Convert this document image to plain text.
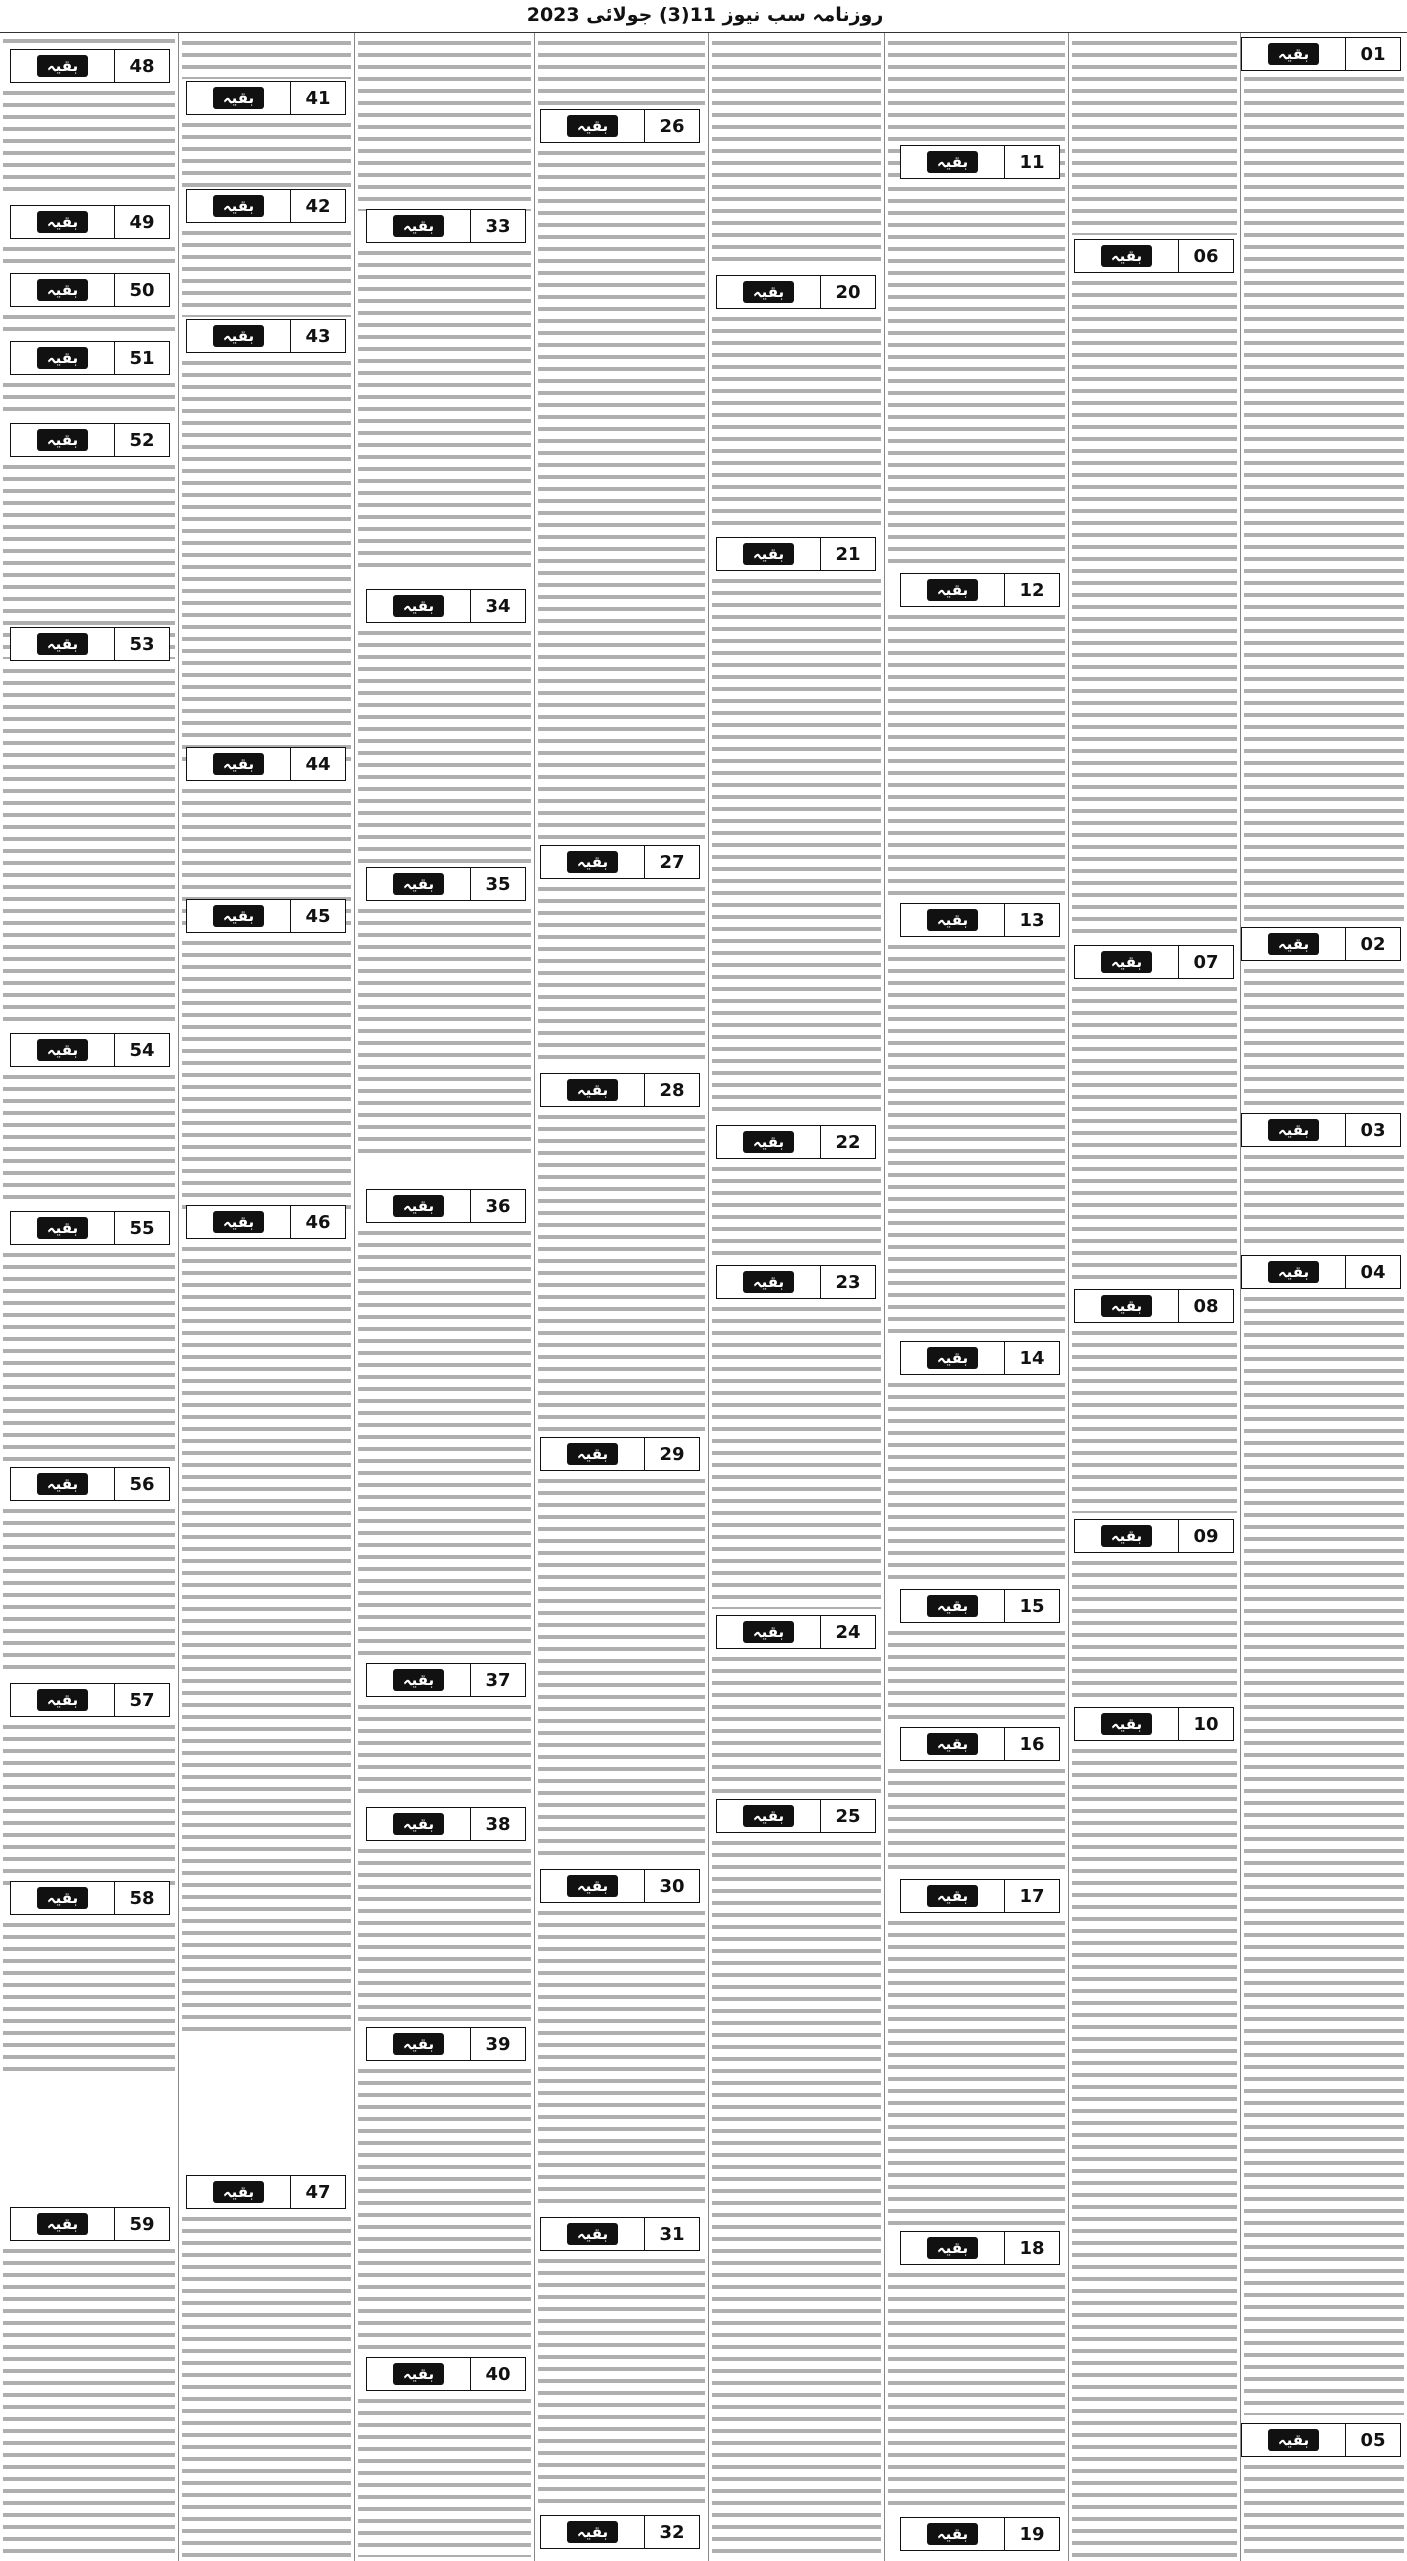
روزنامہ سب نیوز 11(3) جولائی 2023
01
بقیہ
02
بقیہ
03
بقیہ
04
بقیہ
05
بقیہ
06
بقیہ
07
بقیہ
08
بقیہ
09
بقیہ
10
بقیہ
11
بقیہ
12
بقیہ
13
بقیہ
14
بقیہ
15
بقیہ
16
بقیہ
17
بقیہ
18
بقیہ
19
بقیہ
20
بقیہ
21
بقیہ
22
بقیہ
23
بقیہ
24
بقیہ
25
بقیہ
26
بقیہ
27
بقیہ
28
بقیہ
29
بقیہ
30
بقیہ
31
بقیہ
32
بقیہ
33
بقیہ
34
بقیہ
35
بقیہ
36
بقیہ
37
بقیہ
38
بقیہ
39
بقیہ
40
بقیہ
41
بقیہ
42
بقیہ
43
بقیہ
44
بقیہ
45
بقیہ
46
بقیہ
47
بقیہ
48
بقیہ
49
بقیہ
50
بقیہ
51
بقیہ
52
بقیہ
53
بقیہ
54
بقیہ
55
بقیہ
56
بقیہ
57
بقیہ
58
بقیہ
59
بقیہ
